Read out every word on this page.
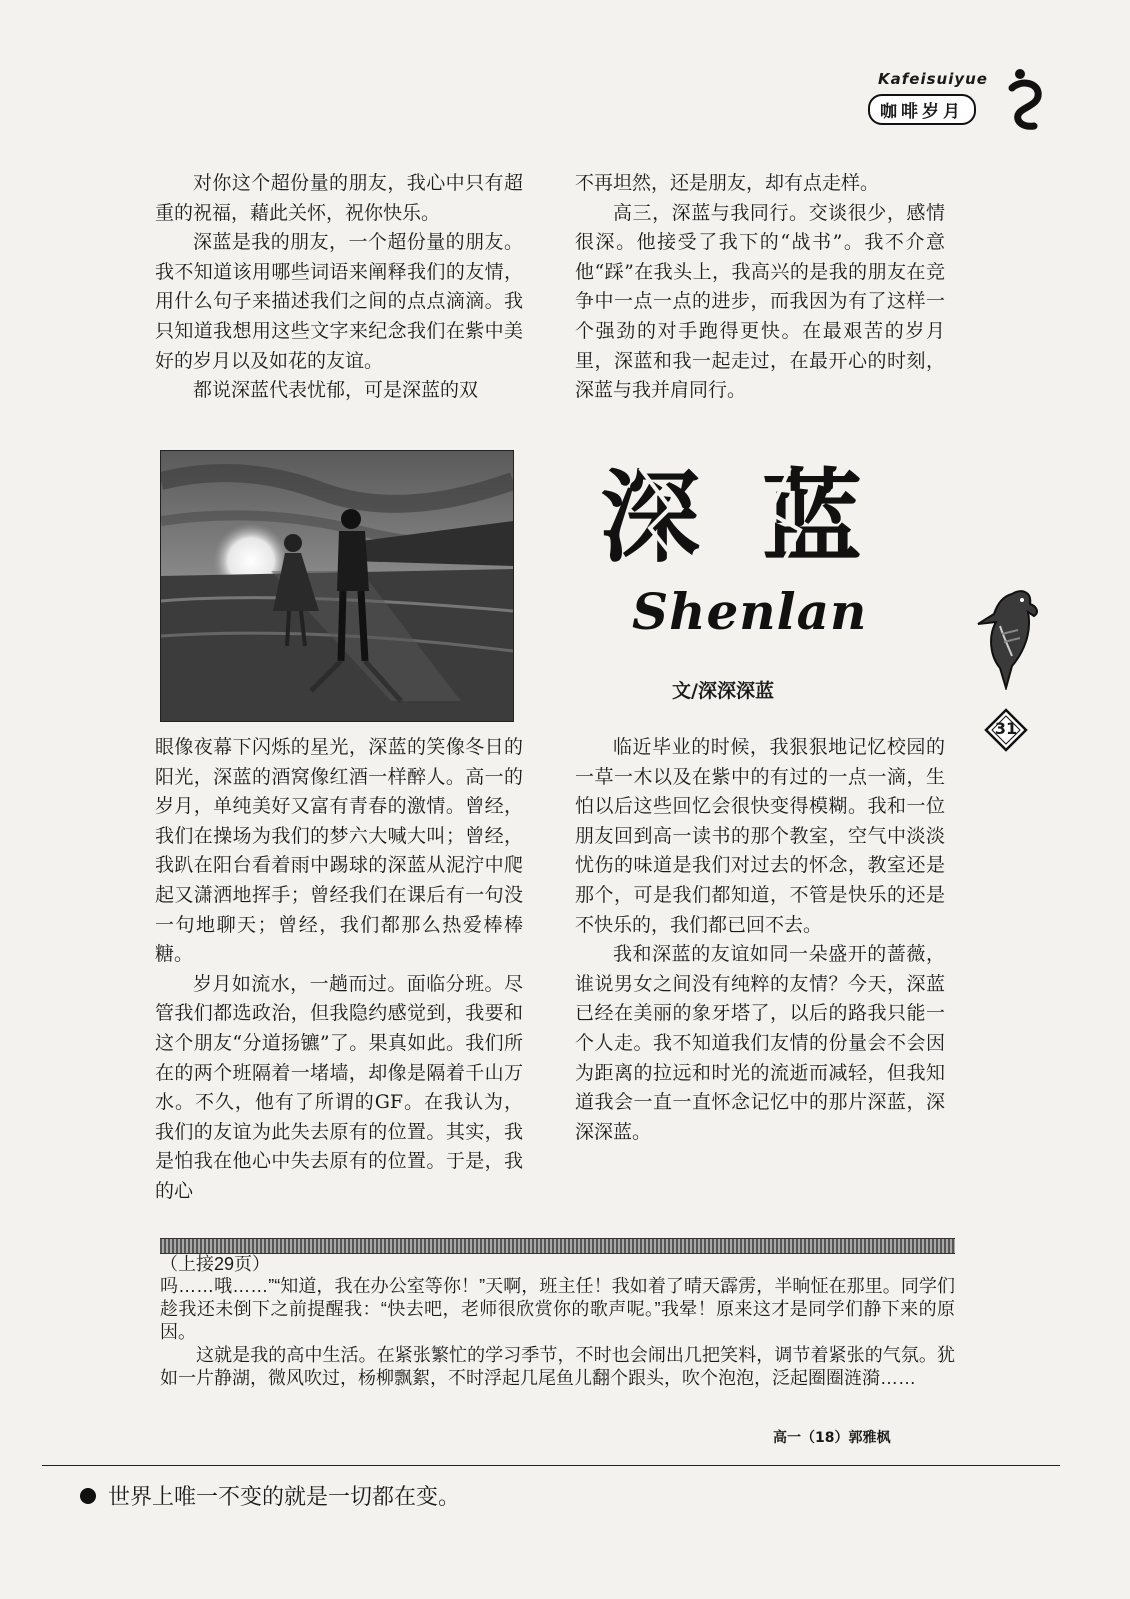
Kafeisuiyue
咖啡岁月

对你这个超份量的朋友，我心中只有超重的祝福，藉此关怀，祝你快乐。

深蓝是我的朋友，一个超份量的朋友。我不知道该用哪些词语来阐释我们的友情，用什么句子来描述我们之间的点点滴滴。我只知道我想用这些文字来纪念我们在紫中美好的岁月以及如花的友谊。

都说深蓝代表忧郁，可是深蓝的双

眼像夜幕下闪烁的星光，深蓝的笑像冬日的阳光，深蓝的酒窝像红酒一样醉人。高一的岁月，单纯美好又富有青春的激情。曾经，我们在操场为我们的梦六大喊大叫；曾经，我趴在阳台看着雨中踢球的深蓝从泥泞中爬起又潇洒地挥手；曾经我们在课后有一句没一句地聊天；曾经，我们都那么热爱棒棒糖。

岁月如流水，一趟而过。面临分班。尽管我们都选政治，但我隐约感觉到，我要和这个朋友“分道扬镳”了。果真如此。我们所在的两个班隔着一堵墙，却像是隔着千山万水。不久，他有了所谓的GF。在我认为，我们的友谊为此失去原有的位置。其实，我是怕我在他心中失去原有的位置。于是，我的心

不再坦然，还是朋友，却有点走样。

高三，深蓝与我同行。交谈很少，感情很深。他接受了我下的“战书”。我不介意他“踩”在我头上，我高兴的是我的朋友在竞争中一点一点的进步，而我因为有了这样一个强劲的对手跑得更快。在最艰苦的岁月里，深蓝和我一起走过，在最开心的时刻，深蓝与我并肩同行。

深蓝
Shenlan
文/深深深蓝
31

临近毕业的时候，我狠狠地记忆校园的一草一木以及在紫中的有过的一点一滴，生怕以后这些回忆会很快变得模糊。我和一位朋友回到高一读书的那个教室，空气中淡淡忧伤的味道是我们对过去的怀念，教室还是那个，可是我们都知道，不管是快乐的还是不快乐的，我们都已回不去。

我和深蓝的友谊如同一朵盛开的蔷薇，谁说男女之间没有纯粹的友情？今天，深蓝已经在美丽的象牙塔了，以后的路我只能一个人走。我不知道我们友情的份量会不会因为距离的拉远和时光的流逝而减轻，但我知道我会一直一直怀念记忆中的那片深蓝，深深深蓝。

（上接29页）

吗……哦……”“知道，我在办公室等你！”天啊，班主任！我如着了晴天霹雳，半晌怔在那里。同学们趁我还未倒下之前提醒我：“快去吧，老师很欣赏你的歌声呢。”我晕！原来这才是同学们静下来的原因。

这就是我的高中生活。在紧张繁忙的学习季节，不时也会闹出几把笑料，调节着紧张的气氛。犹如一片静湖，微风吹过，杨柳飘絮，不时浮起几尾鱼儿翻个跟头，吹个泡泡，泛起圈圈涟漪……

高一（18）郭雅枫
世界上唯一不变的就是一切都在变。
